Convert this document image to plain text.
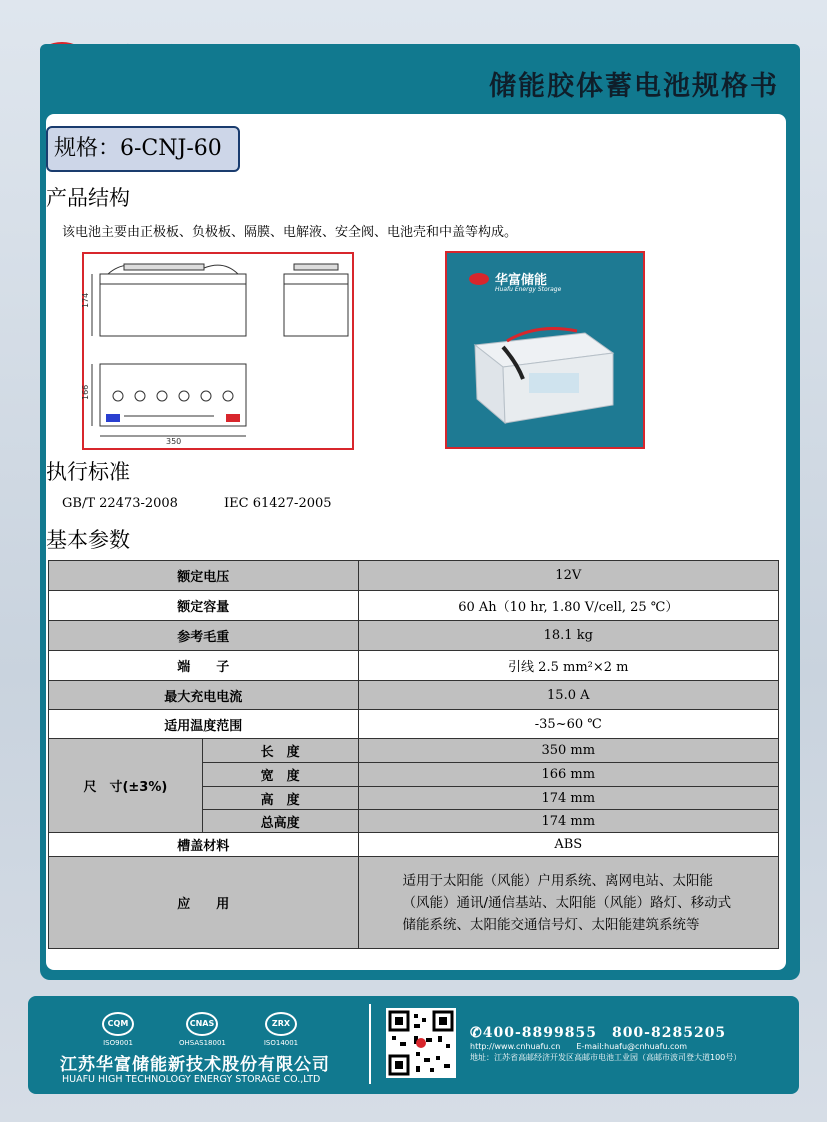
储能胶体蓄电池规格书
规格：6-CNJ-60
产品结构
该电池主要由正极板、负极板、隔膜、电解液、安全阀、电池壳和中盖等构成。
174
166
350
华富储能
Huafu Energy Storage
执行标准
GB/T 22473-2008	IEC 61427-2005
基本参数
额定电压		12V
额定容量		60 Ah（10 hr, 1.80 V/cell, 25 ℃）
参考毛重		18.1 kg
端　　子		引线 2.5 mm²×2 m
最大充电电流		15.0 A
适用温度范围		-35~60 ℃
尺　寸(±3%)	长　度	350 mm
	宽　度	166 mm
	高　度	174 mm
	总高度	174 mm
槽盖材料		ABS
应　　用		适用于太阳能（风能）户用系统、离网电站、太阳能（风能）通讯/通信基站、太阳能（风能）路灯、移动式储能系统、太阳能交通信号灯、太阳能建筑系统等
CQM
ISO9001
CNAS
OHSAS18001
ZRX
ISO14001
江苏华富储能新技术股份有限公司
HUAFU HIGH TECHNOLOGY ENERGY STORAGE CO.,LTD
✆400-8899855　800-8285205
http://www.cnhuafu.cn　　E-mail:huafu@cnhuafu.com
地址：江苏省高邮经济开发区高邮市电池工业园（高邮市波司登大道100号）
